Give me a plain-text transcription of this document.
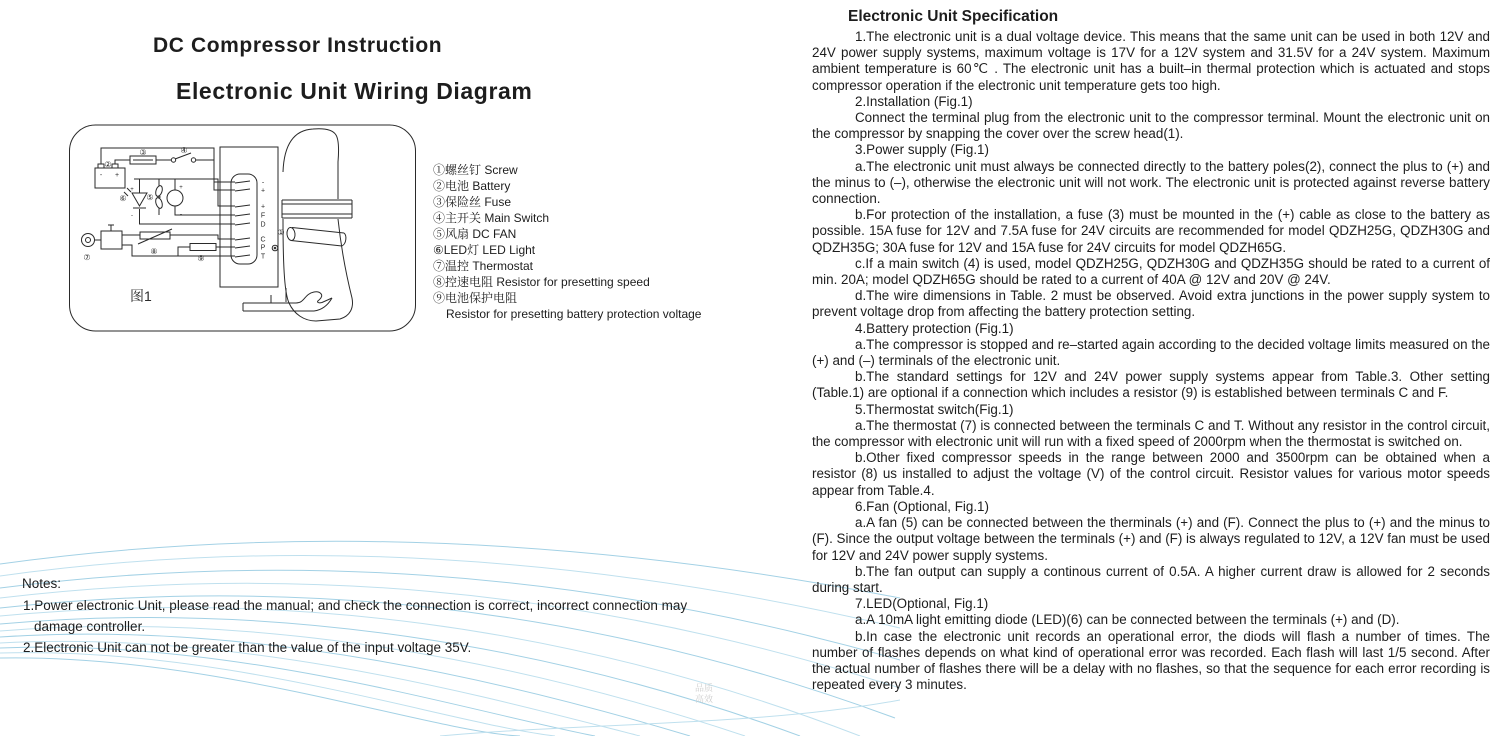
DC Compressor Instruction
Electronic Unit Wiring Diagram
- +
②
③	④
+
-
⑥ ⑤
+
-
⑦
⑧
⑨
-
+
+
F
D
C
P
T
①
图1
①螺丝钉 Screw
②电池 Battery
③保险丝 Fuse
④主开关 Main Switch
⑤风扇 DC FAN
⑥LED灯 LED Light
⑦温控 Thermostat
⑧控速电阻 Resistor for presetting speed
⑨电池保护电阻
Resistor for presetting battery protection voltage
Notes:
1.Power electronic Unit, please read the manual; and check the connection is correct, incorrect connection may
damage controller.
2.Electronic Unit can not be greater than the value of the input voltage 35V.
品质
高效
Electronic Unit Specification

1.The electronic unit is a dual voltage device. This means that the same unit can be used in both 12V and 24V power supply systems, maximum voltage is 17V for a 12V system and 31.5V for a 24V system. Maximum ambient temperature is 60℃ . The electronic unit has a built–in thermal protection which is actuated and stops compressor operation if the electronic unit temperature gets too high.

2.Installation (Fig.1)

Connect the terminal plug from the electronic unit to the compressor terminal. Mount the electronic unit on the compressor by snapping the cover over the screw head(1).

3.Power supply (Fig.1)

a.The electronic unit must always be connected directly to the battery poles(2), connect the plus to (+) and the minus to (–), otherwise the electronic unit will not work. The electronic unit is protected against reverse battery connection.

b.For protection of the installation, a fuse (3) must be mounted in the (+) cable as close to the battery as possible. 15A fuse for 12V and 7.5A fuse for 24V circuits are recommended for model QDZH25G, QDZH30G and QDZH35G; 30A fuse for 12V and 15A fuse for 24V circuits for model QDZH65G.

c.If a main switch (4) is used, model QDZH25G, QDZH30G and QDZH35G should be rated to a current of min. 20A; model QDZH65G should be rated to a current of 40A @ 12V and 20V @ 24V.

d.The wire dimensions in Table. 2 must be observed. Avoid extra junctions in the power supply system to prevent voltage drop from affecting the battery protection setting.

4.Battery protection (Fig.1)

a.The compressor is stopped and re–started again according to the decided voltage limits measured on the (+) and (–) terminals of the electronic unit.

b.The standard settings for 12V and 24V power supply systems appear from Table.3. Other setting (Table.1) are optional if a connection which includes a resistor (9) is established between terminals C and F.

5.Thermostat switch(Fig.1)

a.The thermostat (7) is connected between the terminals C and T. Without any resistor in the control circuit, the compressor with electronic unit will run with a fixed speed of 2000rpm when the thermostat is switched on.

b.Other fixed compressor speeds in the range between 2000 and 3500rpm can be obtained when a resistor (8) us installed to adjust the voltage (V) of the control circuit. Resistor values for various motor speeds appear from Table.4.

6.Fan (Optional, Fig.1)

a.A fan (5) can be connected between the therminals (+) and (F). Connect the plus to (+) and the minus to (F). Since the output voltage between the terminals (+) and (F) is always regulated to 12V, a 12V fan must be used for 12V and 24V power supply systems.

b.The fan output can supply a continous current of 0.5A. A higher current draw is allowed for 2 seconds during start.

7.LED(Optional, Fig.1)

a.A 10mA light emitting diode (LED)(6) can be connected between the terminals (+) and (D).

b.In case the electronic unit records an operational error, the diods will flash a number of times. The number of flashes depends on what kind of operational error was recorded. Each flash will last 1/5 second. After the actual number of flashes there will be a delay with no flashes, so that the sequence for each error recording is repeated every 3 minutes.
